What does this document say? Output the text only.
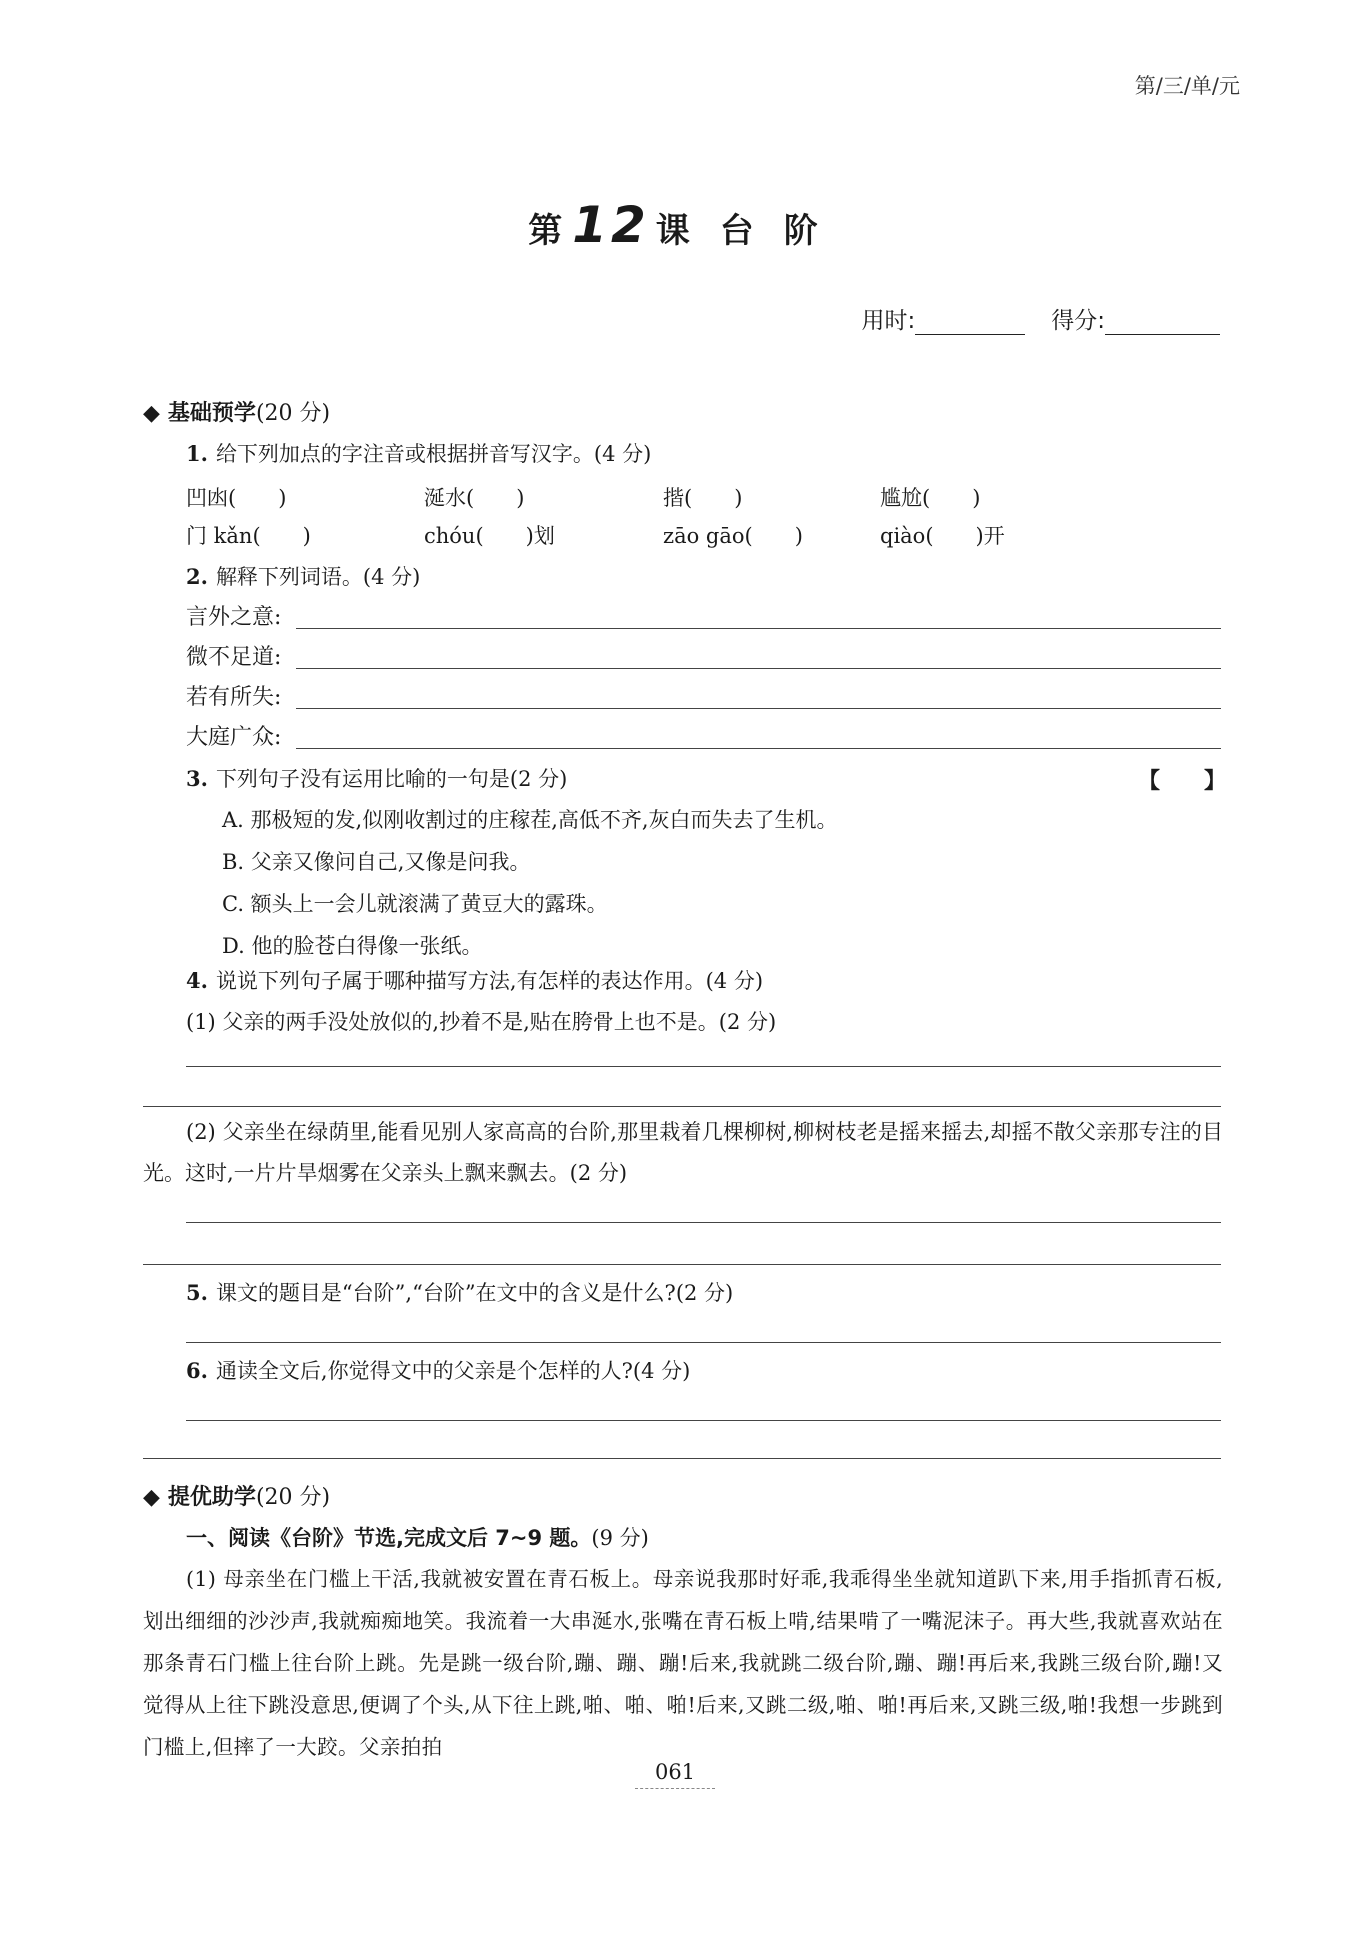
第/三/单/元
第 12 课 台 阶
用时:	得分:
◆ 基础预学(20 分)
1. 给下列加点的字注音或根据拼音写汉字。(4 分)
凹凼(　　)	涎水(　　)	揩(　　)	尴尬(　　)
门 kǎn(　　)	chóu(　　)划	zāo gāo(　　)	qiào(　　)开
2. 解释下列词语。(4 分)
言外之意:
微不足道:
若有所失:
大庭广众:
3. 下列句子没有运用比喻的一句是(2 分)	【　　】
A. 那极短的发,似刚收割过的庄稼茬,高低不齐,灰白而失去了生机。
B. 父亲又像问自己,又像是问我。
C. 额头上一会儿就滚满了黄豆大的露珠。
D. 他的脸苍白得像一张纸。
4. 说说下列句子属于哪种描写方法,有怎样的表达作用。(4 分)
(1) 父亲的两手没处放似的,抄着不是,贴在胯骨上也不是。(2 分)
(2) 父亲坐在绿荫里,能看见别人家高高的台阶,那里栽着几棵柳树,柳树枝老是摇来摇去,却摇不散父亲那专注的目光。这时,一片片旱烟雾在父亲头上飘来飘去。(2 分)
5. 课文的题目是“台阶”,“台阶”在文中的含义是什么?(2 分)
6. 通读全文后,你觉得文中的父亲是个怎样的人?(4 分)
◆ 提优助学(20 分)
一、阅读《台阶》节选,完成文后 7~9 题。(9 分)
(1) 母亲坐在门槛上干活,我就被安置在青石板上。母亲说我那时好乖,我乖得坐坐就知道趴下来,用手指抓青石板,划出细细的沙沙声,我就痴痴地笑。我流着一大串涎水,张嘴在青石板上啃,结果啃了一嘴泥沫子。再大些,我就喜欢站在那条青石门槛上往台阶上跳。先是跳一级台阶,蹦、蹦、蹦!后来,我就跳二级台阶,蹦、蹦!再后来,我跳三级台阶,蹦!又觉得从上往下跳没意思,便调了个头,从下往上跳,啪、啪、啪!后来,又跳二级,啪、啪!再后来,又跳三级,啪!我想一步跳到门槛上,但摔了一大跤。父亲拍拍
061
